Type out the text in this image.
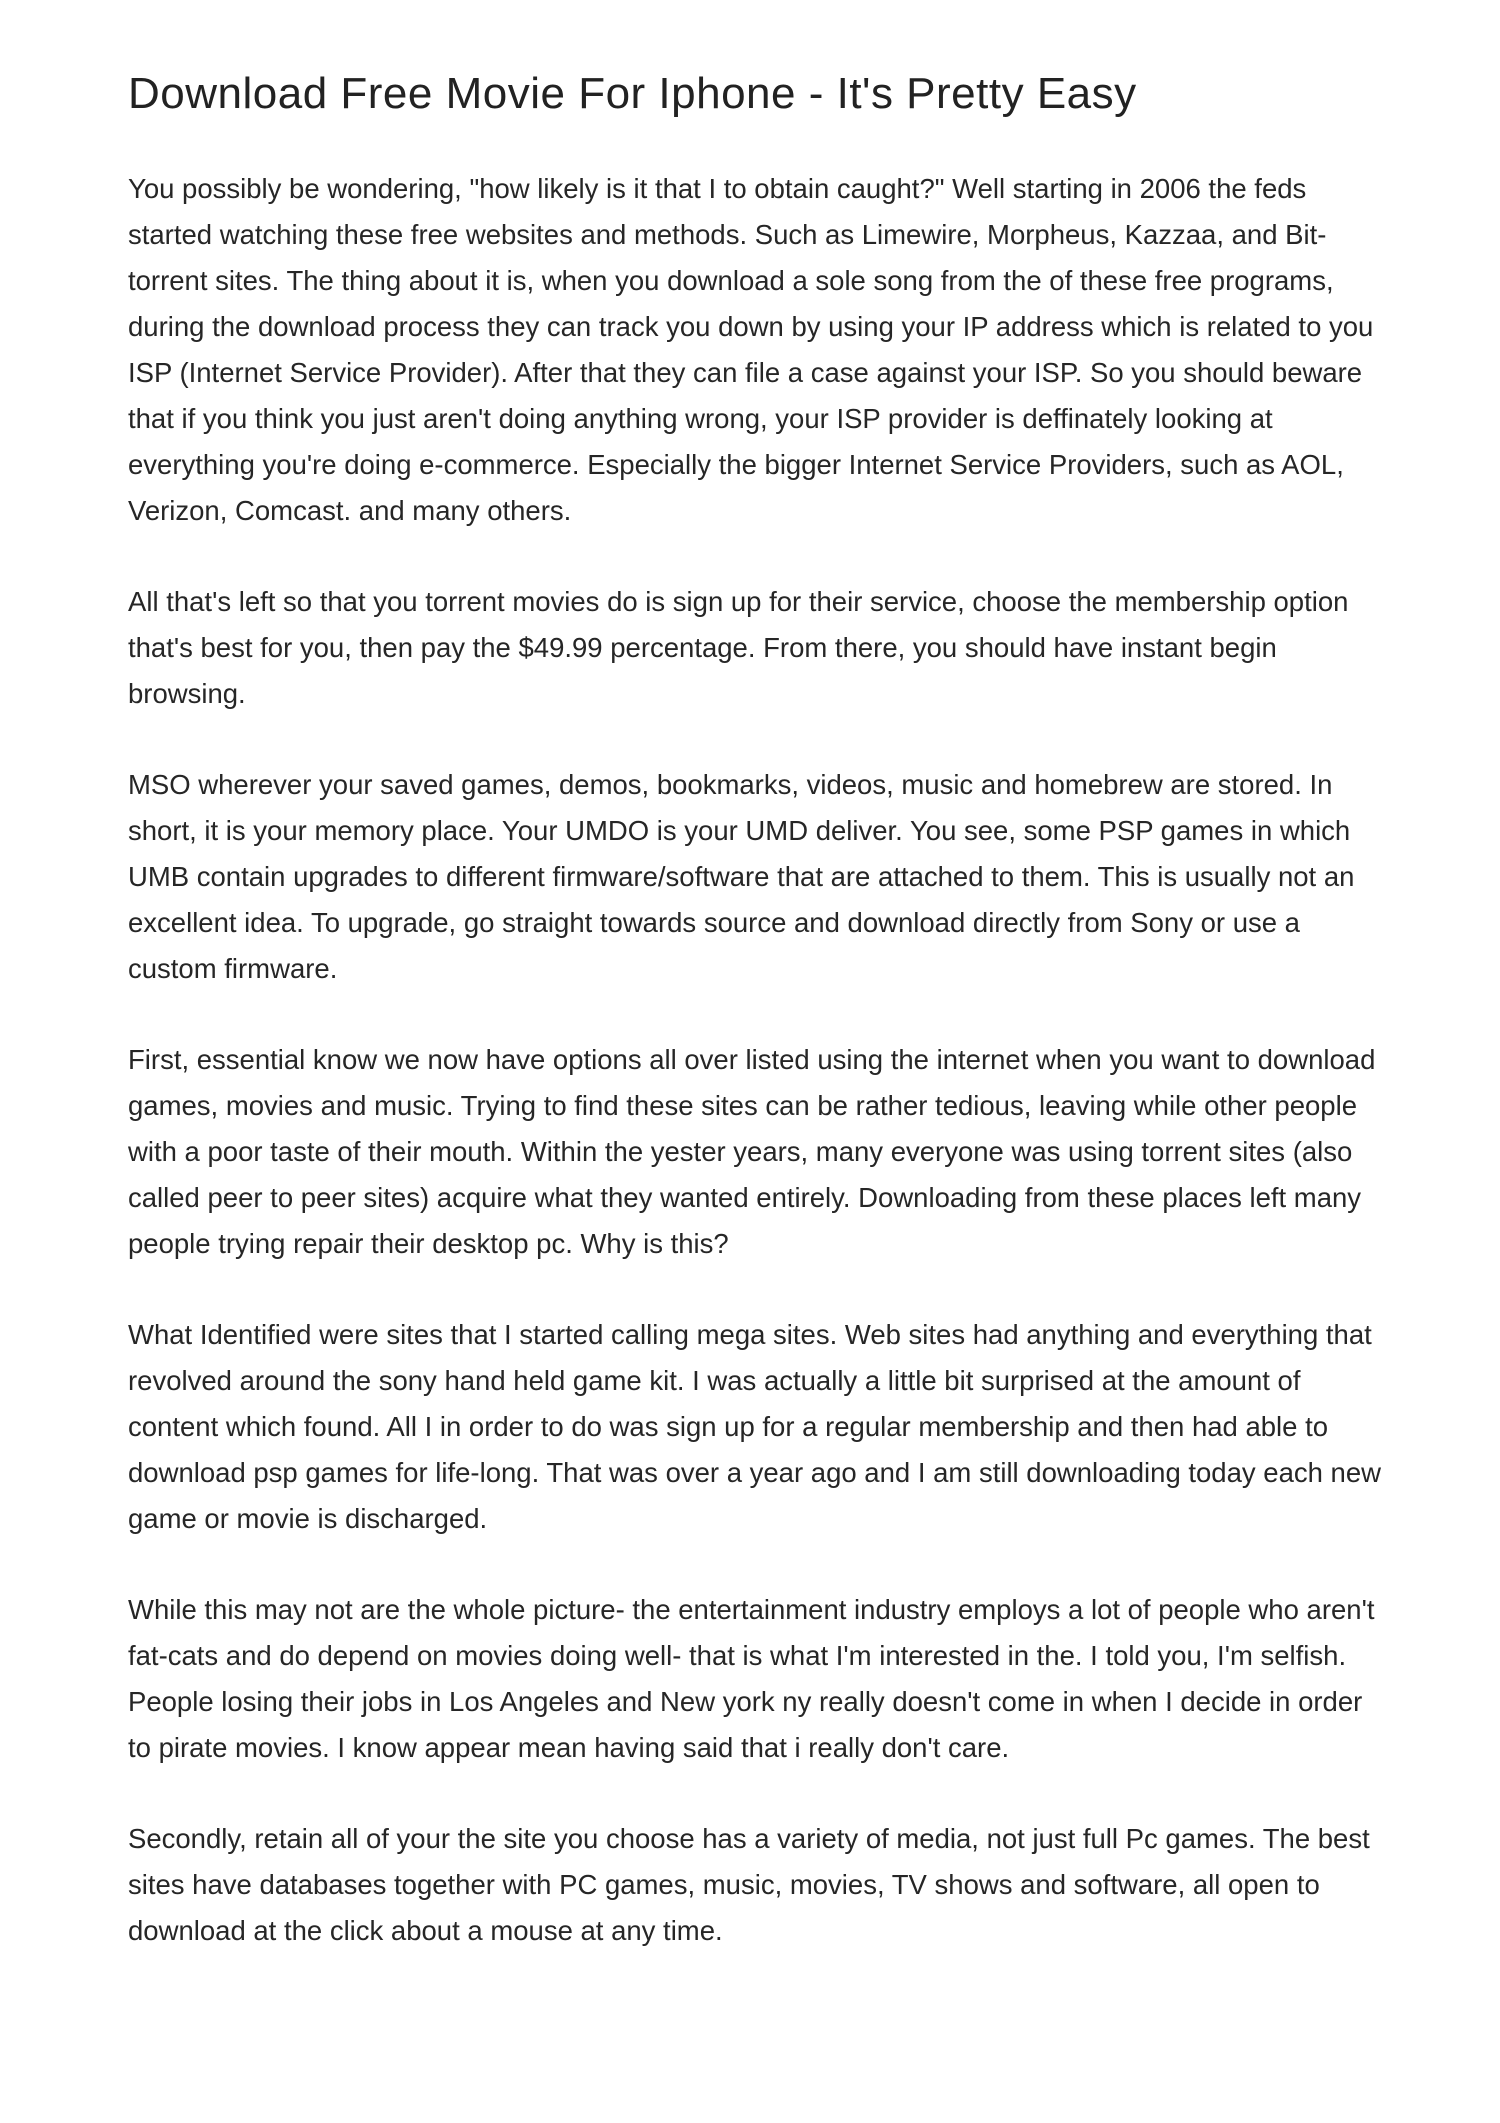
Download Free Movie For Iphone - It's Pretty Easy

You possibly be wondering, "how likely is it that I to obtain caught?" Well starting in 2006 the feds started watching these free websites and methods. Such as Limewire, Morpheus, Kazzaa, and Bit-torrent sites. The thing about it is, when you download a sole song from the of these free programs, during the download process they can track you down by using your IP address which is related to you ISP (Internet Service Provider). After that they can file a case against your ISP. So you should beware that if you think you just aren't doing anything wrong, your ISP provider is deffinately looking at everything you're doing e-commerce. Especially the bigger Internet Service Providers, such as AOL, Verizon, Comcast. and many others.

All that's left so that you torrent movies do is sign up for their service, choose the membership option that's best for you, then pay the $49.99 percentage. From there, you should have instant begin browsing.

MSO wherever your saved games, demos, bookmarks, videos, music and homebrew are stored. In short, it is your memory place. Your UMDO is your UMD deliver. You see, some PSP games in which UMB contain upgrades to different firmware/software that are attached to them. This is usually not an excellent idea. To upgrade, go straight towards source and download directly from Sony or use a custom firmware.

First, essential know we now have options all over listed using the internet when you want to download games, movies and music. Trying to find these sites can be rather tedious, leaving while other people with a poor taste of their mouth. Within the yester years, many everyone was using torrent sites (also called peer to peer sites) acquire what they wanted entirely. Downloading from these places left many people trying repair their desktop pc. Why is this?

What Identified were sites that I started calling mega sites. Web sites had anything and everything that revolved around the sony hand held game kit. I was actually a little bit surprised at the amount of content which found. All I in order to do was sign up for a regular membership and then had able to download psp games for life-long. That was over a year ago and I am still downloading today each new game or movie is discharged.

While this may not are the whole picture- the entertainment industry employs a lot of people who aren't fat-cats and do depend on movies doing well- that is what I'm interested in the. I told you, I'm selfish. People losing their jobs in Los Angeles and New york ny really doesn't come in when I decide in order to pirate movies. I know appear mean having said that i really don't care.

Secondly, retain all of your the site you choose has a variety of media, not just full Pc games. The best sites have databases together with PC games, music, movies, TV shows and software, all open to download at the click about a mouse at any time.
